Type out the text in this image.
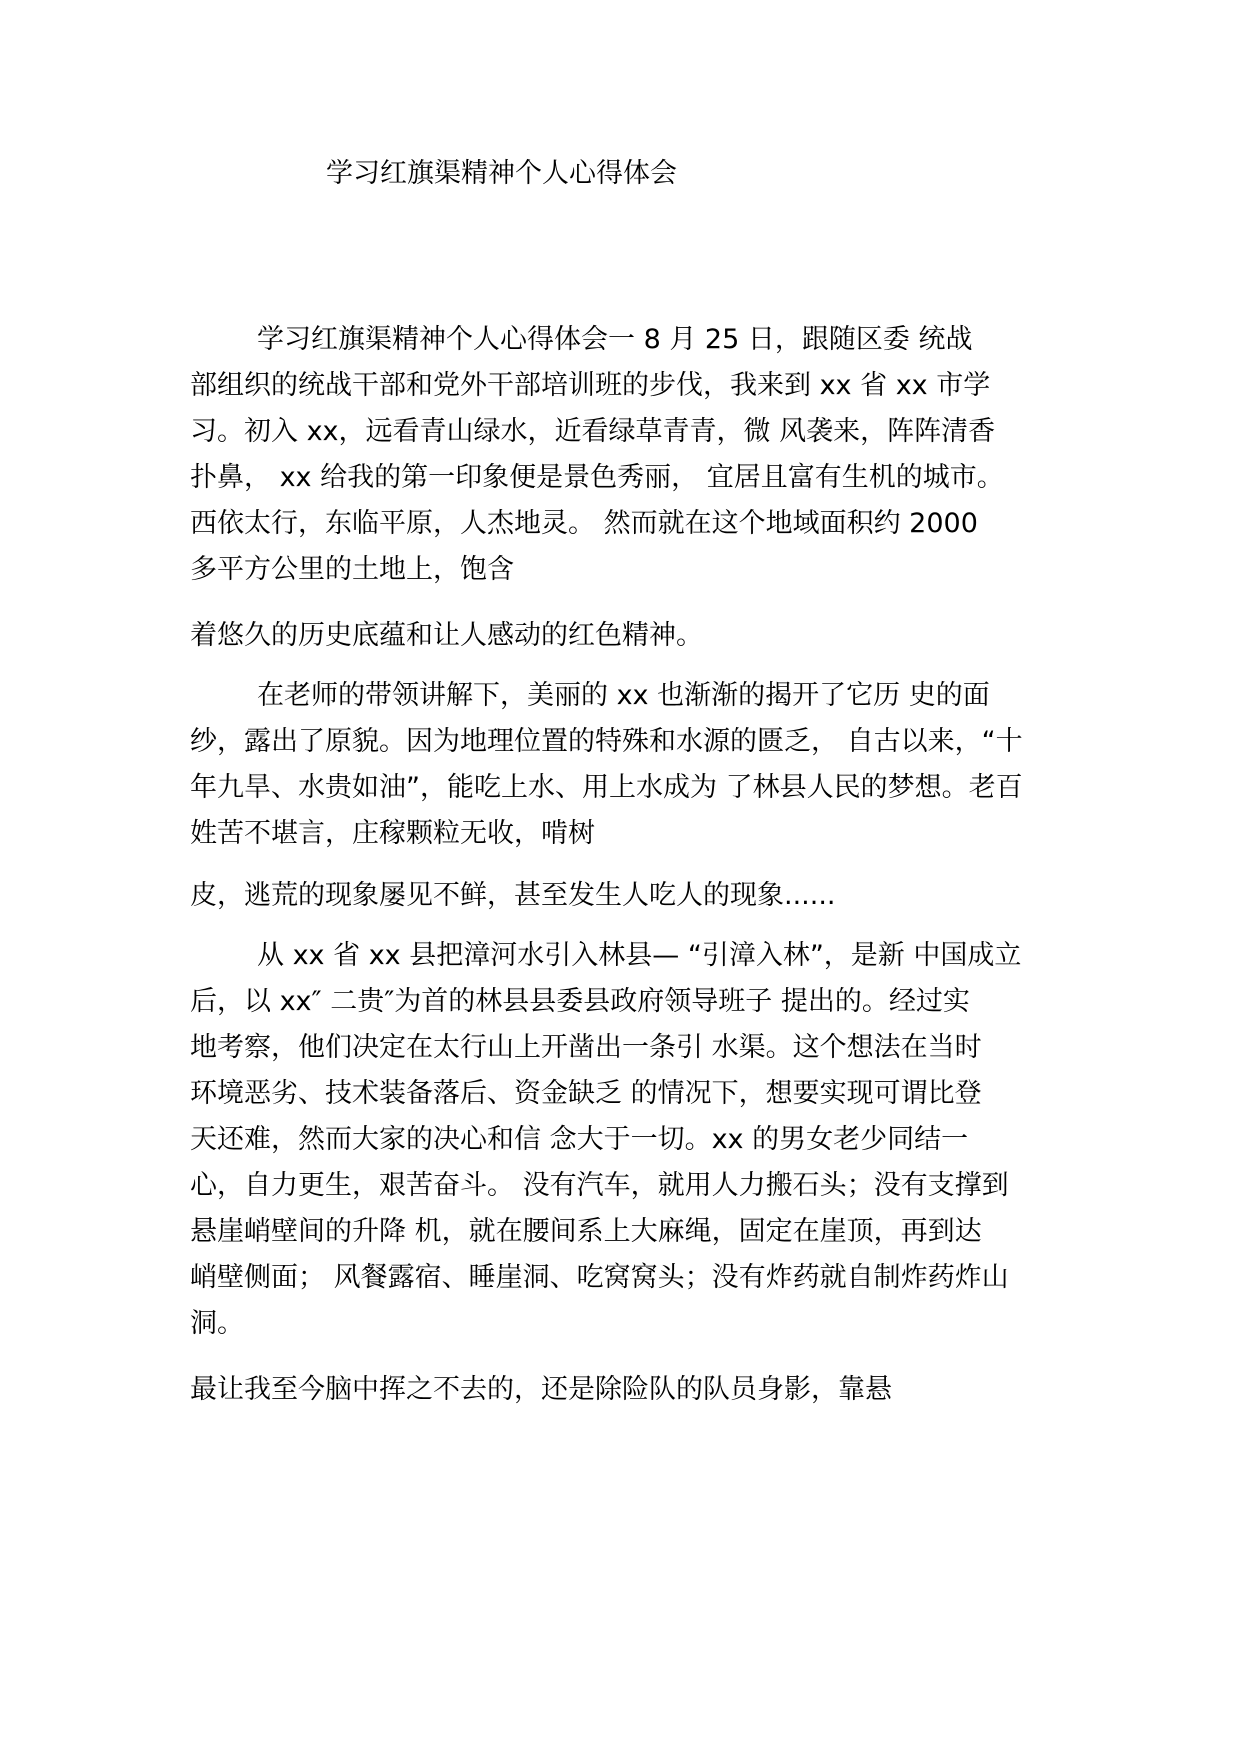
学习红旗渠精神个人心得体会
学习红旗渠精神个人心得体会一 8 月 25 日，跟随区委 统战
部组织的统战干部和党外干部培训班的步伐，我来到 xx 省 xx 市学
习。初入 xx，远看青山绿水，近看绿草青青，微 风袭来，阵阵清香
扑鼻， xx 给我的第一印象便是景色秀丽， 宜居且富有生机的城市。
西依太行，东临平原，人杰地灵。 然而就在这个地域面积约 2000
多平方公里的土地上，饱含
着悠久的历史底蕴和让人感动的红色精神。
在老师的带领讲解下，美丽的 xx 也渐渐的揭开了它历 史的面
纱，露出了原貌。因为地理位置的特殊和水源的匮乏， 自古以来，“十
年九旱、水贵如油”，能吃上水、用上水成为 了林县人民的梦想。老百
姓苦不堪言，庄稼颗粒无收，啃树
皮，逃荒的现象屡见不鲜，甚至发生人吃人的现象......
从 xx 省 xx 县把漳河水引入林县— “引漳入林”，是新 中国成立
后，以 xx″ 二贵″为首的林县县委县政府领导班子 提出的。经过实
地考察，他们决定在太行山上开凿出一条引 水渠。这个想法在当时
环境恶劣、技术装备落后、资金缺乏 的情况下，想要实现可谓比登
天还难，然而大家的决心和信 念大于一切。xx 的男女老少同结一
心，自力更生，艰苦奋斗。 没有汽车，就用人力搬石头；没有支撑到
悬崖峭壁间的升降 机，就在腰间系上大麻绳，固定在崖顶，再到达
峭壁侧面； 风餐露宿、睡崖洞、吃窝窝头；没有炸药就自制炸药炸山
洞。
最让我至今脑中挥之不去的，还是除险队的队员身影，靠悬
